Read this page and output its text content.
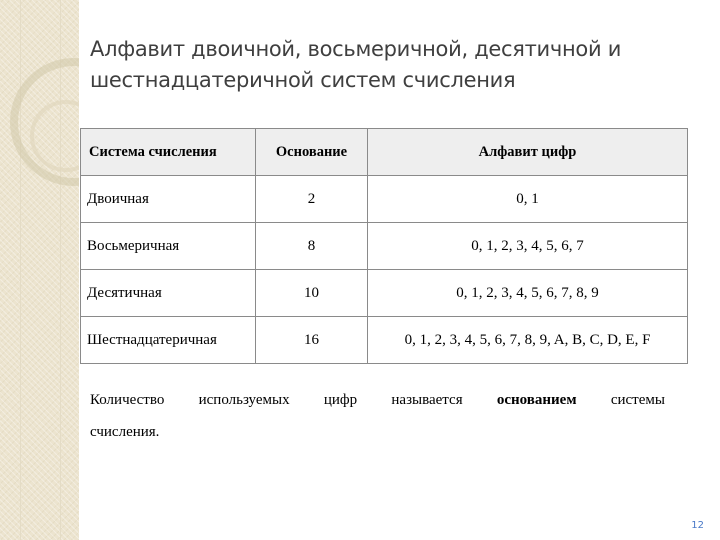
Алфавит двоичной, восьмеричной, десятичной и
шестнадцатеричной систем счисления
Система счисления	Основание	Алфавит цифр
Двоичная	2	0, 1
Восьмеричная	8	0, 1, 2, 3, 4, 5, 6, 7
Десятичная	10	0, 1, 2, 3, 4, 5, 6, 7, 8, 9
Шестнадцатеричная	16	0, 1, 2, 3, 4, 5, 6, 7, 8, 9, A, B, C, D, E, F
Количество используемых цифр называется основанием системы
счисления.
12
